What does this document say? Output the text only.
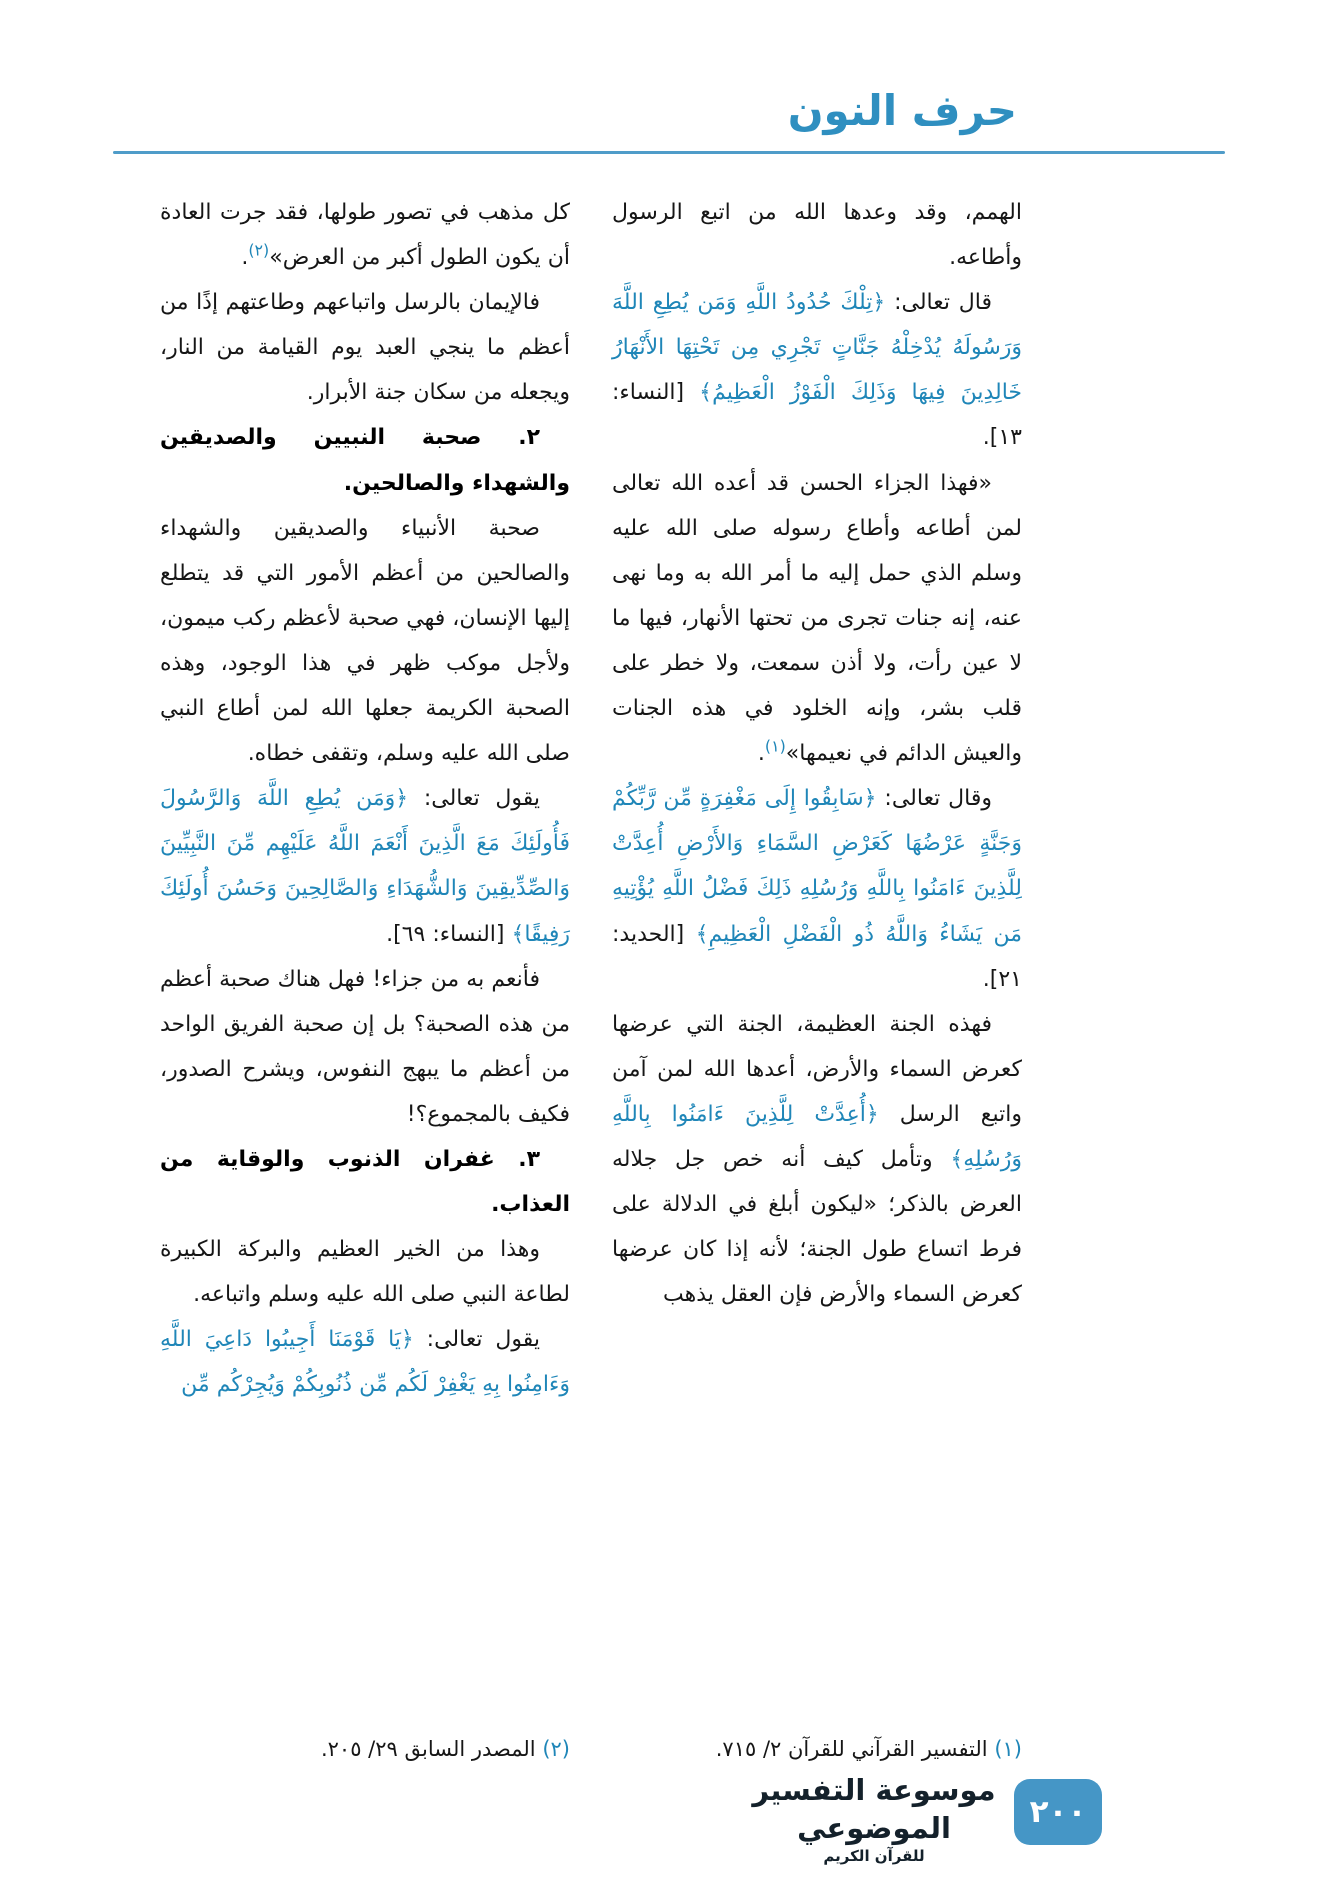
حرف النون

الهمم، وقد وعدها الله من اتبع الرسول وأطاعه.

قال تعالى: ﴿تِلْكَ حُدُودُ اللَّهِ وَمَن يُطِعِ اللَّهَ وَرَسُولَهُ يُدْخِلْهُ جَنَّاتٍ تَجْرِي مِن تَحْتِهَا الأَنْهَارُ خَالِدِينَ فِيهَا وَذَلِكَ الْفَوْزُ الْعَظِيمُ﴾ [النساء: ١٣].

«فهذا الجزاء الحسن قد أعده الله تعالى لمن أطاعه وأطاع رسوله صلى الله عليه وسلم الذي حمل إليه ما أمر الله به وما نهى عنه، إنه جنات تجرى من تحتها الأنهار، فيها ما لا عين رأت، ولا أذن سمعت، ولا خطر على قلب بشر، وإنه الخلود في هذه الجنات والعيش الدائم في نعيمها»$^{(١)}$.

وقال تعالى: ﴿سَابِقُوا إِلَى مَغْفِرَةٍ مِّن رَّبِّكُمْ وَجَنَّةٍ عَرْضُهَا كَعَرْضِ السَّمَاءِ وَالأَرْضِ أُعِدَّتْ لِلَّذِينَ ءَامَنُوا بِاللَّهِ وَرُسُلِهِ ذَلِكَ فَضْلُ اللَّهِ يُؤْتِيهِ مَن يَشَاءُ وَاللَّهُ ذُو الْفَضْلِ الْعَظِيمِ﴾ [الحديد: ٢١].

فهذه الجنة العظيمة، الجنة التي عرضها كعرض السماء والأرض، أعدها الله لمن آمن واتبع الرسل ﴿أُعِدَّتْ لِلَّذِينَ ءَامَنُوا بِاللَّهِ وَرُسُلِهِ﴾ وتأمل كيف أنه خص جل جلاله العرض بالذكر؛ «ليكون أبلغ في الدلالة على فرط اتساع طول الجنة؛ لأنه إذا كان عرضها كعرض السماء والأرض فإن العقل يذهب

كل مذهب في تصور طولها، فقد جرت العادة أن يكون الطول أكبر من العرض»$^{(٢)}$.

فالإيمان بالرسل واتباعهم وطاعتهم إذًا من أعظم ما ينجي العبد يوم القيامة من النار، ويجعله من سكان جنة الأبرار.

٢. صحبة النبيين والصديقين والشهداء والصالحين.

صحبة الأنبياء والصديقين والشهداء والصالحين من أعظم الأمور التي قد يتطلع إليها الإنسان، فهي صحبة لأعظم ركب ميمون، ولأجل موكب ظهر في هذا الوجود، وهذه الصحبة الكريمة جعلها الله لمن أطاع النبي صلى الله عليه وسلم، وتقفى خطاه.

يقول تعالى: ﴿وَمَن يُطِعِ اللَّهَ وَالرَّسُولَ فَأُولَئِكَ مَعَ الَّذِينَ أَنْعَمَ اللَّهُ عَلَيْهِم مِّنَ النَّبِيِّينَ وَالصِّدِّيقِينَ وَالشُّهَدَاءِ وَالصَّالِحِينَ وَحَسُنَ أُولَئِكَ رَفِيقًا﴾ [النساء: ٦٩].

فأنعم به من جزاء! فهل هناك صحبة أعظم من هذه الصحبة؟ بل إن صحبة الفريق الواحد من أعظم ما يبهج النفوس، ويشرح الصدور، فكيف بالمجموع؟!

٣. غفران الذنوب والوقاية من العذاب.

وهذا من الخير العظيم والبركة الكبيرة لطاعة النبي صلى الله عليه وسلم واتباعه.

يقول تعالى: ﴿يَا قَوْمَنَا أَجِيبُوا دَاعِيَ اللَّهِ وَءَامِنُوا بِهِ يَغْفِرْ لَكُم مِّن ذُنُوبِكُمْ وَيُجِرْكُم مِّن

(١) التفسير القرآني للقرآن ٢/ ٧١٥.
(٢) المصدر السابق ٢٩/ ٢٠٥.
موسوعة التفسير الموضوعي
للقرآن الكريم
٢٠٠
